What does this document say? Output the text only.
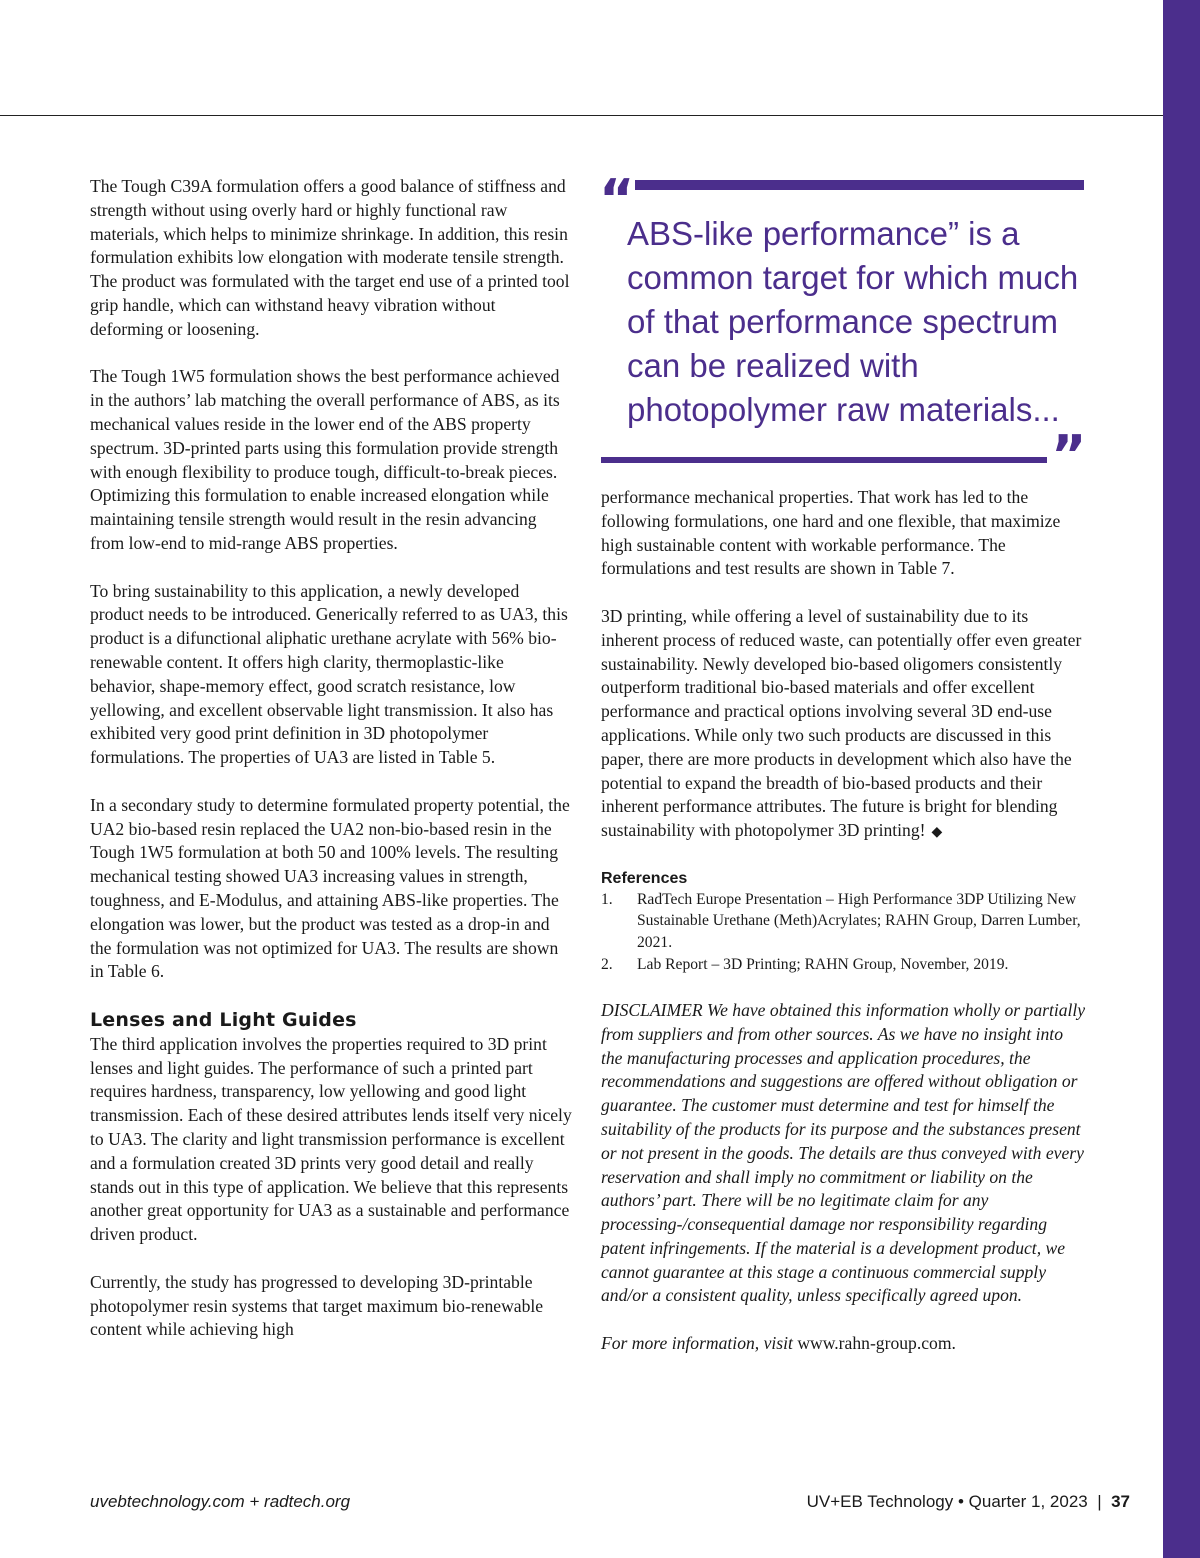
The Tough C39A formulation offers a good balance of stiffness and strength without using overly hard or highly functional raw materials, which helps to minimize shrinkage. In addition, this resin formulation exhibits low elongation with moderate tensile strength. The product was formulated with the target end use of a printed tool grip handle, which can withstand heavy vibration without deforming or loosening.

The Tough 1W5 formulation shows the best performance achieved in the authors’ lab matching the overall performance of ABS, as its mechanical values reside in the lower end of the ABS property spectrum. 3D-printed parts using this formulation provide strength with enough flexibility to produce tough, difficult-to-break pieces. Optimizing this formulation to enable increased elongation while maintaining tensile strength would result in the resin advancing from low-end to mid-range ABS properties.

To bring sustainability to this application, a newly developed product needs to be introduced. Generically referred to as UA3, this product is a difunctional aliphatic urethane acrylate with 56% bio-renewable content. It offers high clarity, thermoplastic-like behavior, shape-memory effect, good scratch resistance, low yellowing, and excellent observable light transmission. It also has exhibited very good print definition in 3D photopolymer formulations. The properties of UA3 are listed in Table 5.

In a secondary study to determine formulated property potential, the UA2 bio-based resin replaced the UA2 non-bio-based resin in the Tough 1W5 formulation at both 50 and 100% levels. The resulting mechanical testing showed UA3 increasing values in strength, toughness, and E-Modulus, and attaining ABS-like properties. The elongation was lower, but the product was tested as a drop-in and the formulation was not optimized for UA3. The results are shown in Table 6.

Lenses and Light Guides

The third application involves the properties required to 3D print lenses and light guides. The performance of such a printed part requires hardness, transparency, low yellowing and good light transmission. Each of these desired attributes lends itself very nicely to UA3. The clarity and light transmission performance is excellent and a formulation created 3D prints very good detail and really stands out in this type of application. We believe that this represents another great opportunity for UA3 as a sustainable and performance driven product.

Currently, the study has progressed to developing 3D-printable photopolymer resin systems that target maximum bio-renewable content while achieving high

“
ABS-like performance” is a common target for which much of that performance spectrum can be realized with photopolymer raw materials...
”

performance mechanical properties. That work has led to the following formulations, one hard and one flexible, that maximize high sustainable content with workable performance. The formulations and test results are shown in Table 7.

3D printing, while offering a level of sustainability due to its inherent process of reduced waste, can potentially offer even greater sustainability. Newly developed bio-based oligomers consistently outperform traditional bio-based materials and offer excellent performance and practical options involving several 3D end-use applications. While only two such products are discussed in this paper, there are more products in development which also have the potential to expand the breadth of bio-based products and their inherent performance attributes. The future is bright for blending sustainability with photopolymer 3D printing! ◆

References
1. RadTech Europe Presentation – High Performance 3DP Utilizing New Sustainable Urethane (Meth)Acrylates; RAHN Group, Darren Lumber, 2021.
2. Lab Report – 3D Printing; RAHN Group, November, 2019.

DISCLAIMER We have obtained this information wholly or partially from suppliers and from other sources. As we have no insight into the manufacturing processes and application procedures, the recommendations and suggestions are offered without obligation or guarantee. The customer must determine and test for himself the suitability of the products for its purpose and the substances present or not present in the goods. The details are thus conveyed with every reservation and shall imply no commitment or liability on the authors’ part. There will be no legitimate claim for any processing-/consequential damage nor responsibility regarding patent infringements. If the material is a development product, we cannot guarantee at this stage a continuous commercial supply and/or a consistent quality, unless specifically agreed upon.

For more information, visit www.rahn-group.com.

uvebtechnology.com + radtech.org	UV+EB Technology • Quarter 1, 2023 | 37
